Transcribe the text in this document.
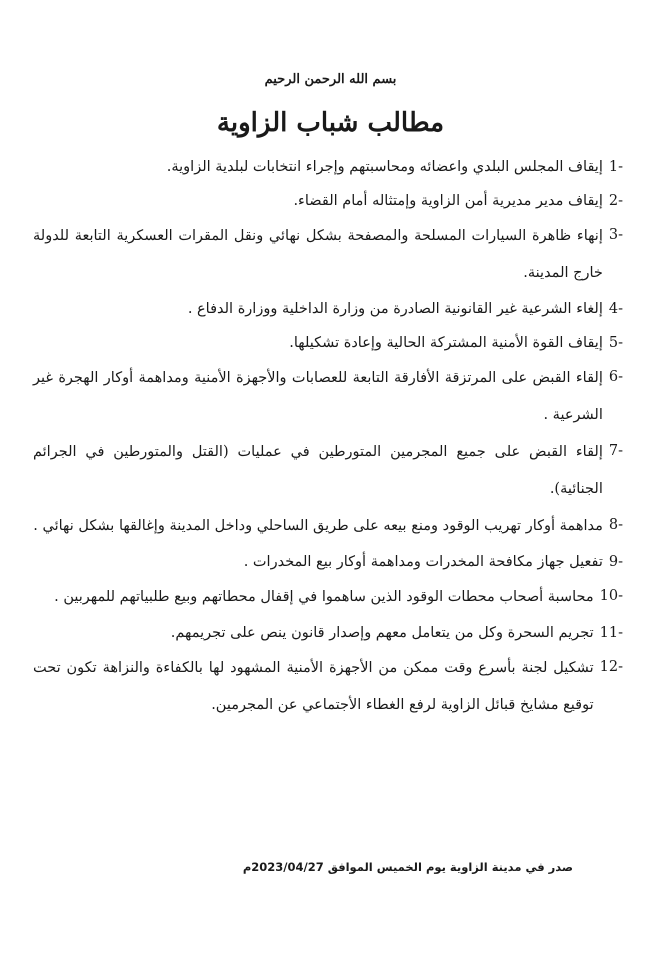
بسم الله الرحمن الرحيم
مطالب شباب الزاوية
1-
إيقاف المجلس البلدي واعضائه ومحاسبتهم وإجراء انتخابات لبلدية الزاوية.
2-
إيقاف مدير مديرية أمن الزاوية وإمتثاله أمام القضاء.
3-
إنهاء ظاهرة السيارات المسلحة والمصفحة بشكل نهائي ونقل المقرات العسكرية التابعة للدولة خارج المدينة.
4-
إلغاء الشرعية غير القانونية الصادرة من وزارة الداخلية ووزارة الدفاع .
5-
إيقاف القوة الأمنية المشتركة الحالية وإعادة تشكيلها.
6-
إلقاء القبض على المرتزقة الأفارقة التابعة للعصابات والأجهزة الأمنية ومداهمة أوكار الهجرة غير الشرعية .
7-
إلقاء القبض على جميع المجرمين المتورطين في عمليات (القتل والمتورطين في الجرائم الجنائية).
8-
مداهمة أوكار تهريب الوقود ومنع بيعه على طريق الساحلي وداخل المدينة وإغالقها بشكل نهائي .
9-
تفعيل جهاز مكافحة المخدرات ومداهمة أوكار بيع المخدرات .
10-
محاسبة أصحاب محطات الوقود الذين ساهموا في إقفال محطاتهم وبيع طلبياتهم للمهربين .
11-
تجريم السحرة وكل من يتعامل معهم وإصدار قانون ينص على تجريمهم.
12-
تشكيل لجنة بأسرع وقت ممكن من الأجهزة الأمنية المشهود لها بالكفاءة والنزاهة تكون تحت توقيع مشايخ قبائل الزاوية لرفع الغطاء الأجتماعي عن المجرمين.
صدر في مدينة الزاوية يوم الخميس الموافق 2023/04/27م
